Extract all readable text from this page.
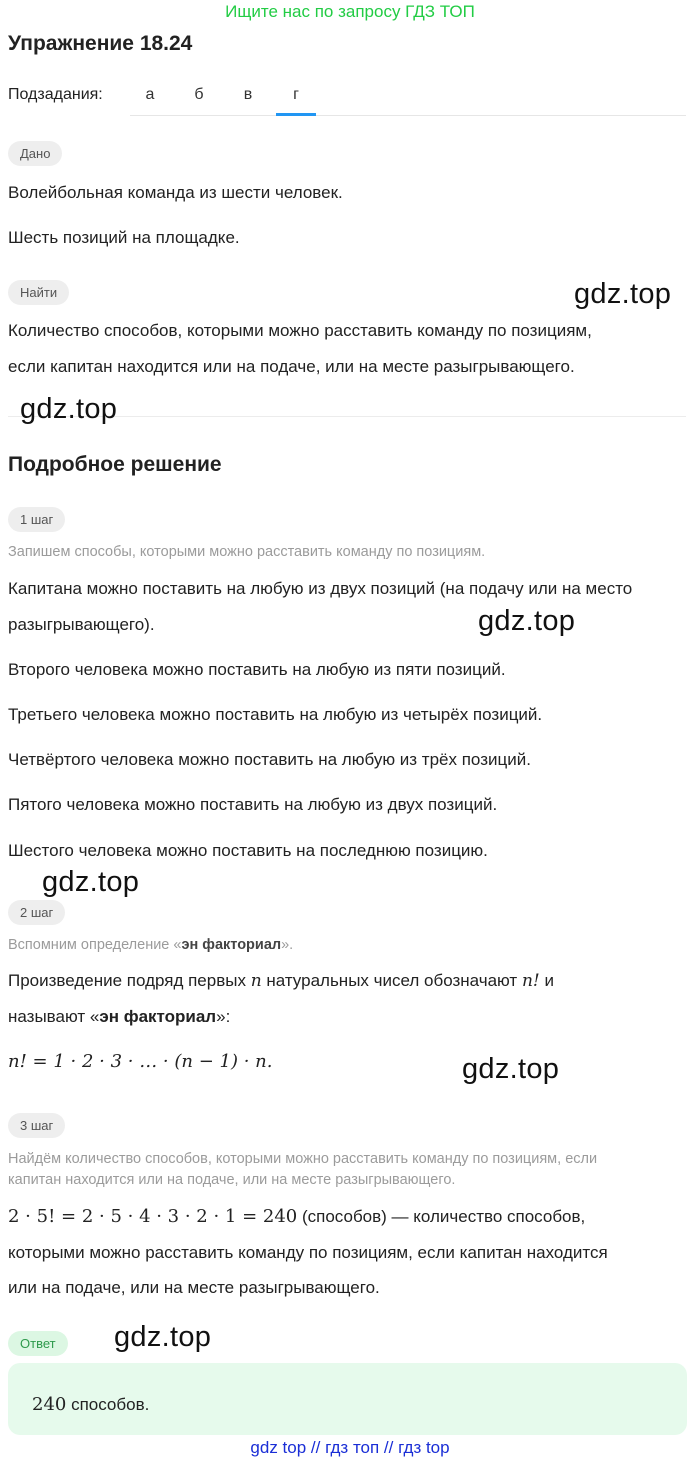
Ищите нас по запросу ГДЗ ТОП
Упражнение 18.24
Подзадания:	а	б	в	г
Дано
Волейбольная команда из шести человек.
Шесть позиций на площадке.
Найти
Количество способов, которыми можно расставить команду по позициям,
если капитан находится или на подаче, или на месте разыгрывающего.
Подробное решение
1 шаг
Запишем способы, которыми можно расставить команду по позициям.
Капитана можно поставить на любую из двух позиций (на подачу или на место
разыгрывающего).
Второго человека можно поставить на любую из пяти позиций.
Третьего человека можно поставить на любую из четырёх позиций.
Четвёртого человека можно поставить на любую из трёх позиций.
Пятого человека можно поставить на любую из двух позиций.
Шестого человека можно поставить на последнюю позицию.
2 шаг
Вспомним определение «эн факториал».
Произведение подряд первых n натуральных чисел обозначают n! и
называют «эн факториал»:
n! = 1 · 2 · 3 · … · (n − 1) · n.
3 шаг
Найдём количество способов, которыми можно расставить команду по позициям, если
капитан находится или на подаче, или на месте разыгрывающего.
2 · 5! = 2 · 5 · 4 · 3 · 2 · 1 = 240 (способов) — количество способов,
которыми можно расставить команду по позициям, если капитан находится
или на подаче, или на месте разыгрывающего.
Ответ
240 способов.
gdz.top
gdz.top
gdz.top
gdz.top
gdz.top
gdz.top
gdz top // гдз топ // гдз top
